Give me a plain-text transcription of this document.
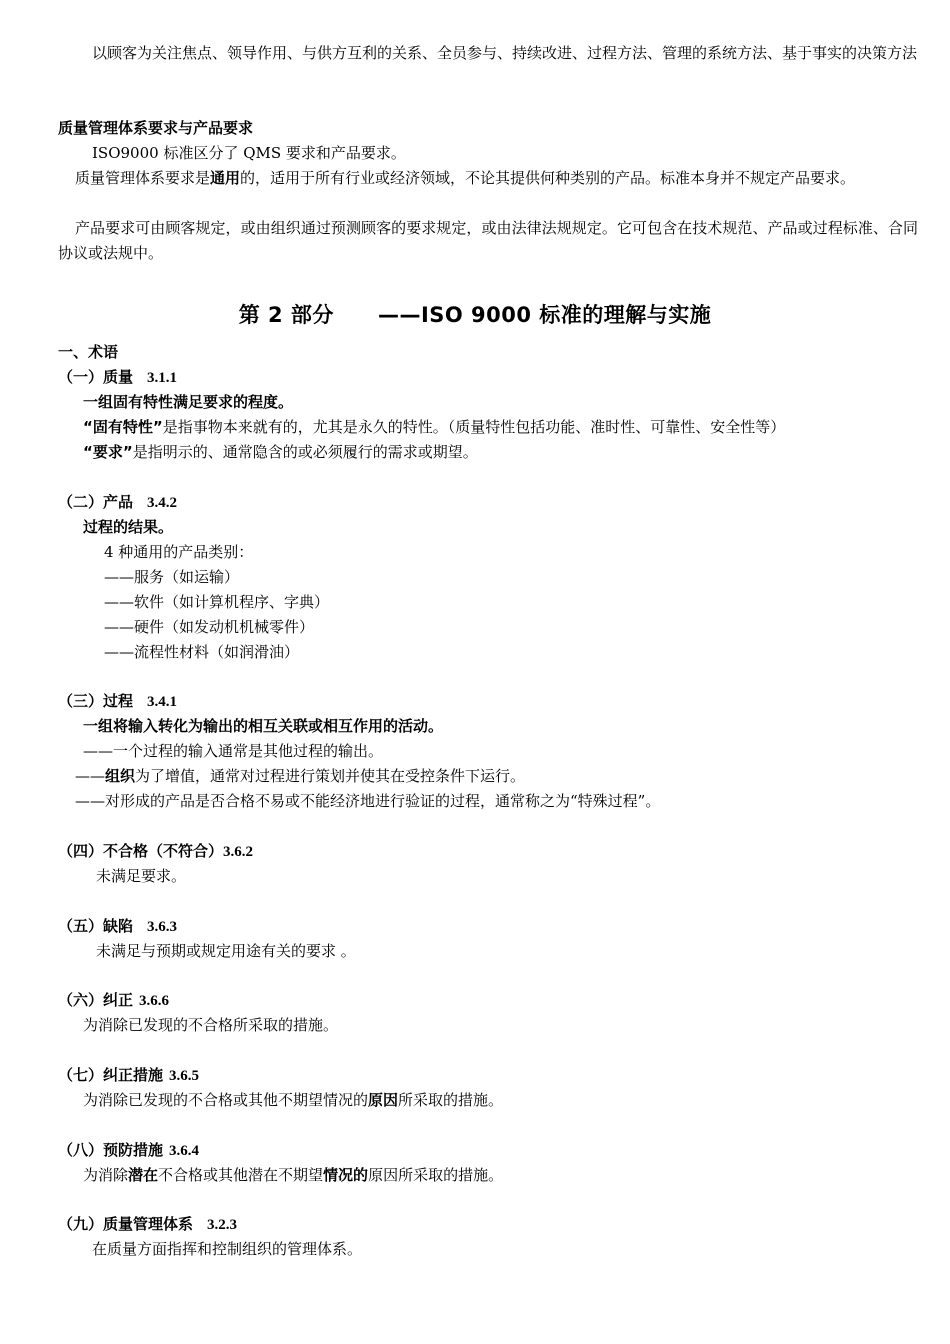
以顾客为关注焦点、领导作用、与供方互利的关系、全员参与、持续改进、过程方法、管理的系统方法、基于事实的决策方法
质量管理体系要求与产品要求
ISO9000 标准区分了 QMS 要求和产品要求。
质量管理体系要求是通用的，适用于所有行业或经济领域，不论其提供何种类别的产品。标准本身并不规定产品要求。
产品要求可由顾客规定，或由组织通过预测顾客的要求规定，或由法律法规规定。它可包含在技术规范、产品或过程标准、合同协议或法规中。
第 2 部分 ——ISO 9000 标准的理解与实施
一、术语
（一）质量 3.1.1
一组固有特性满足要求的程度。
“固有特性”是指事物本来就有的，尤其是永久的特性。（质量特性包括功能、准时性、可靠性、安全性等）
“要求”是指明示的、通常隐含的或必须履行的需求或期望。
（二）产品 3.4.2
过程的结果。
4 种通用的产品类别：
——服务（如运输）
——软件（如计算机程序、字典）
——硬件（如发动机机械零件）
——流程性材料（如润滑油）
（三）过程 3.4.1
一组将输入转化为输出的相互关联或相互作用的活动。
——一个过程的输入通常是其他过程的输出。
——组织为了增值，通常对过程进行策划并使其在受控条件下运行。
——对形成的产品是否合格不易或不能经济地进行验证的过程，通常称之为“特殊过程”。
（四）不合格（不符合）3.6.2
未满足要求。
（五）缺陷 3.6.3
未满足与预期或规定用途有关的要求 。
（六）纠正 3.6.6
为消除已发现的不合格所采取的措施。
（七）纠正措施 3.6.5
为消除已发现的不合格或其他不期望情况的原因所采取的措施。
（八）预防措施 3.6.4
为消除潜在不合格或其他潜在不期望情况的原因所采取的措施。
（九）质量管理体系 3.2.3
在质量方面指挥和控制组织的管理体系。
